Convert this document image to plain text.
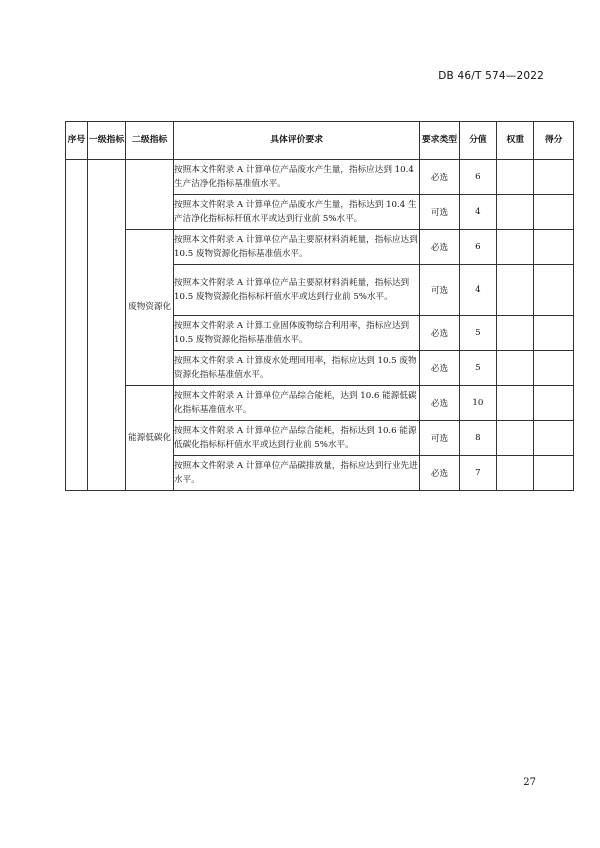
DB 46/T 574—2022
序号	一级指标	二级指标	具体评价要求	要求类型	分值	权重	得分
			按照本文件附录 A 计算单位产品废水产生量，指标应达到 10.4 生产洁净化指标基准值水平。	必选	6		
			按照本文件附录 A 计算单位产品废水产生量，指标达到 10.4 生产洁净化指标标杆值水平或达到行业前 5%水平。	可选	4		
		废物资源化	按照本文件附录 A 计算单位产品主要原材料消耗量，指标应达到 10.5 废物资源化指标基准值水平。	必选	6		
			按照本文件附录 A 计算单位产品主要原材料消耗量，指标达到 10.5 废物资源化指标标杆值水平或达到行业前 5%水平。	可选	4		
			按照本文件附录 A 计算工业固体废物综合利用率，指标应达到 10.5 废物资源化指标基准值水平。	必选	5		
			按照本文件附录 A 计算废水处理回用率，指标应达到 10.5 废物资源化指标基准值水平。	必选	5		
		能源低碳化	按照本文件附录 A 计算单位产品综合能耗，达到 10.6 能源低碳化指标基准值水平。	必选	10		
			按照本文件附录 A 计算单位产品综合能耗，指标达到 10.6 能源低碳化指标标杆值水平或达到行业前 5%水平。	可选	8		
			按照本文件附录 A 计算单位产品碳排放量，指标应达到行业先进水平。	必选	7		
27
